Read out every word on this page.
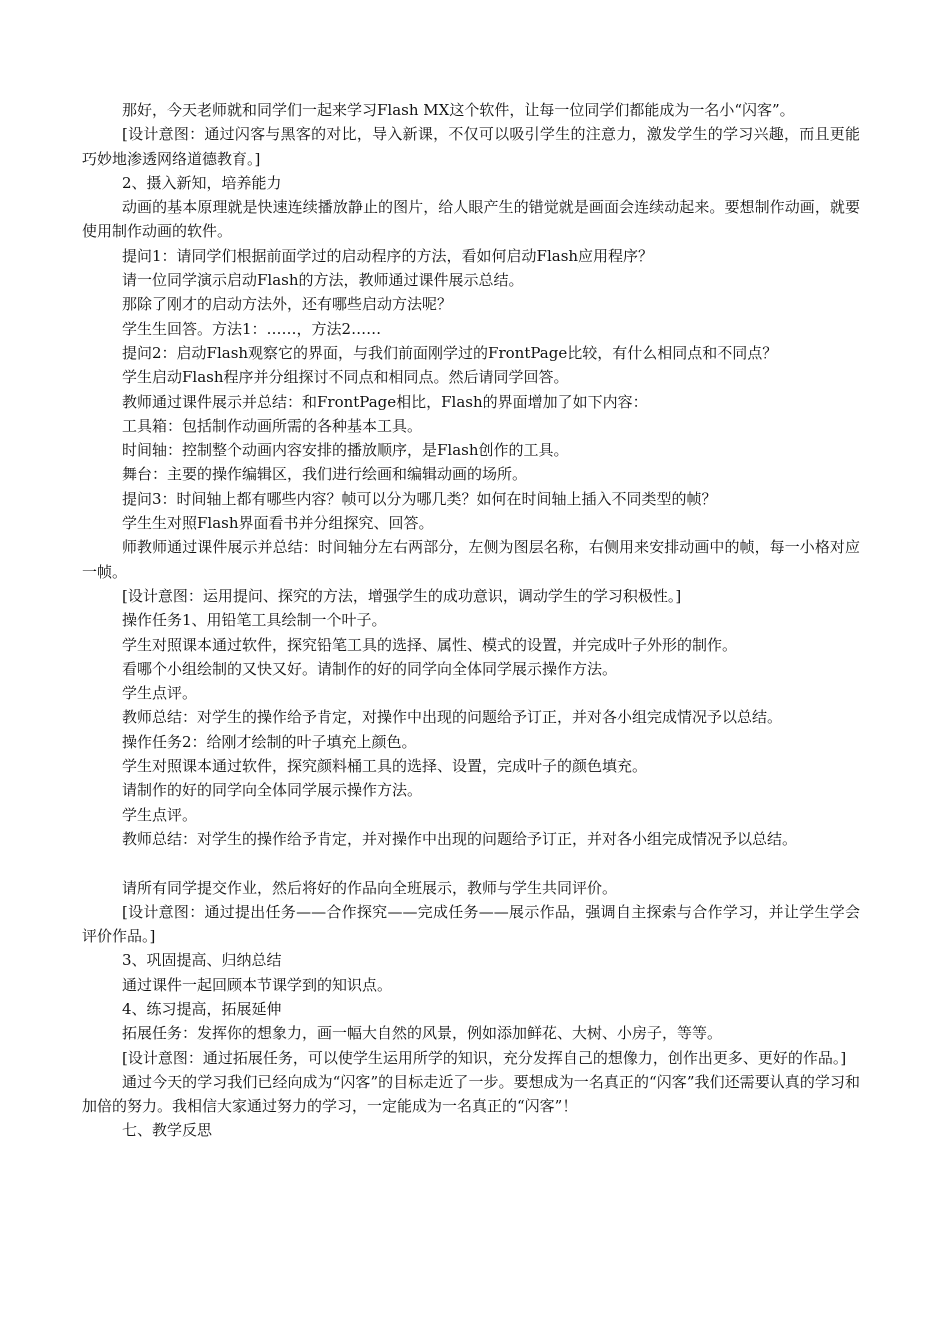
那好，今天老师就和同学们一起来学习Flash MX这个软件，让每一位同学们都能成为一名小“闪客”。

[设计意图：通过闪客与黑客的对比，导入新课，不仅可以吸引学生的注意力，激发学生的学习兴趣，而且更能巧妙地渗透网络道德教育。]

2、摄入新知，培养能力

动画的基本原理就是快速连续播放静止的图片，给人眼产生的错觉就是画面会连续动起来。要想制作动画，就要使用制作动画的软件。

提问1：请同学们根据前面学过的启动程序的方法，看如何启动Flash应用程序？

请一位同学演示启动Flash的方法，教师通过课件展示总结。

那除了刚才的启动方法外，还有哪些启动方法呢？

学生生回答。方法1：……，方法2……

提问2：启动Flash观察它的界面，与我们前面刚学过的FrontPage比较，有什么相同点和不同点？

学生启动Flash程序并分组探讨不同点和相同点。然后请同学回答。

教师通过课件展示并总结：和FrontPage相比，Flash的界面增加了如下内容：

工具箱：包括制作动画所需的各种基本工具。

时间轴：控制整个动画内容安排的播放顺序，是Flash创作的工具。

舞台：主要的操作编辑区，我们进行绘画和编辑动画的场所。

提问3：时间轴上都有哪些内容？帧可以分为哪几类？如何在时间轴上插入不同类型的帧？

学生生对照Flash界面看书并分组探究、回答。

师教师通过课件展示并总结：时间轴分左右两部分，左侧为图层名称，右侧用来安排动画中的帧，每一小格对应一帧。

[设计意图：运用提问、探究的方法，增强学生的成功意识，调动学生的学习积极性。]

操作任务1、用铅笔工具绘制一个叶子。

学生对照课本通过软件，探究铅笔工具的选择、属性、模式的设置，并完成叶子外形的制作。

看哪个小组绘制的又快又好。请制作的好的同学向全体同学展示操作方法。

学生点评。

教师总结：对学生的操作给予肯定，对操作中出现的问题给予订正，并对各小组完成情况予以总结。

操作任务2：给刚才绘制的叶子填充上颜色。

学生对照课本通过软件，探究颜料桶工具的选择、设置，完成叶子的颜色填充。

请制作的好的同学向全体同学展示操作方法。

学生点评。

教师总结：对学生的操作给予肯定，并对操作中出现的问题给予订正，并对各小组完成情况予以总结。

请所有同学提交作业，然后将好的作品向全班展示，教师与学生共同评价。

[设计意图：通过提出任务——合作探究——完成任务——展示作品，强调自主探索与合作学习，并让学生学会评价作品。]

3、巩固提高、归纳总结

通过课件一起回顾本节课学到的知识点。

4、练习提高，拓展延伸

拓展任务：发挥你的想象力，画一幅大自然的风景，例如添加鲜花、大树、小房子，等等。

[设计意图：通过拓展任务，可以使学生运用所学的知识，充分发挥自己的想像力，创作出更多、更好的作品。]

通过今天的学习我们已经向成为“闪客”的目标走近了一步。要想成为一名真正的“闪客”我们还需要认真的学习和加倍的努力。我相信大家通过努力的学习，一定能成为一名真正的“闪客”！

七、教学反思
